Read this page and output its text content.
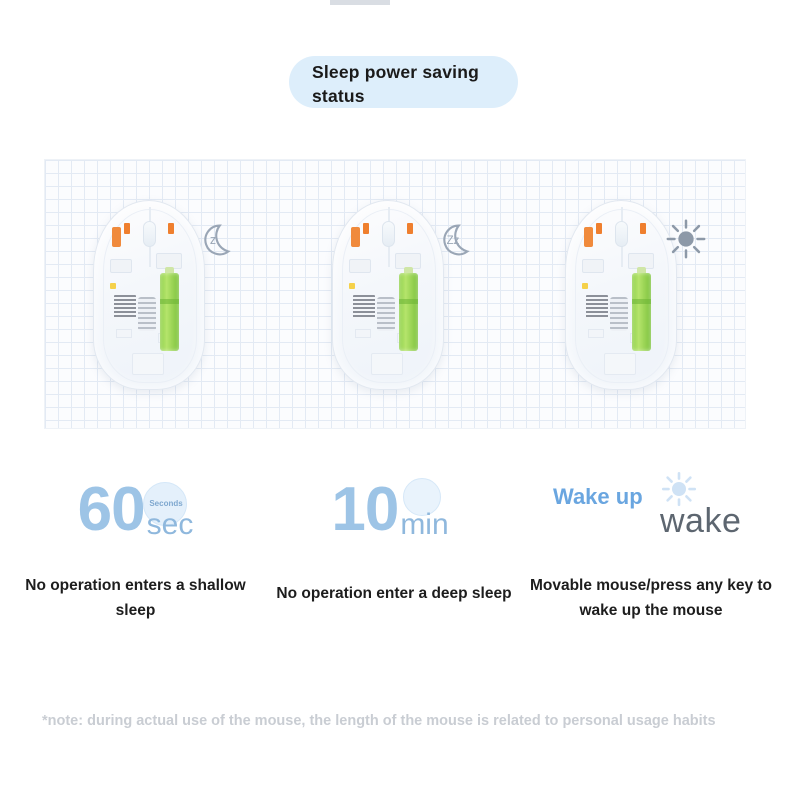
Sleep power saving status
z	Zz
Seconds
60sec
No operation enters a shallow sleep
10min
No operation enter a deep sleep
Wake up
wake
Movable mouse/press any key to wake up the mouse
*note: during actual use of the mouse, the length of the mouse is related to personal usage habits
